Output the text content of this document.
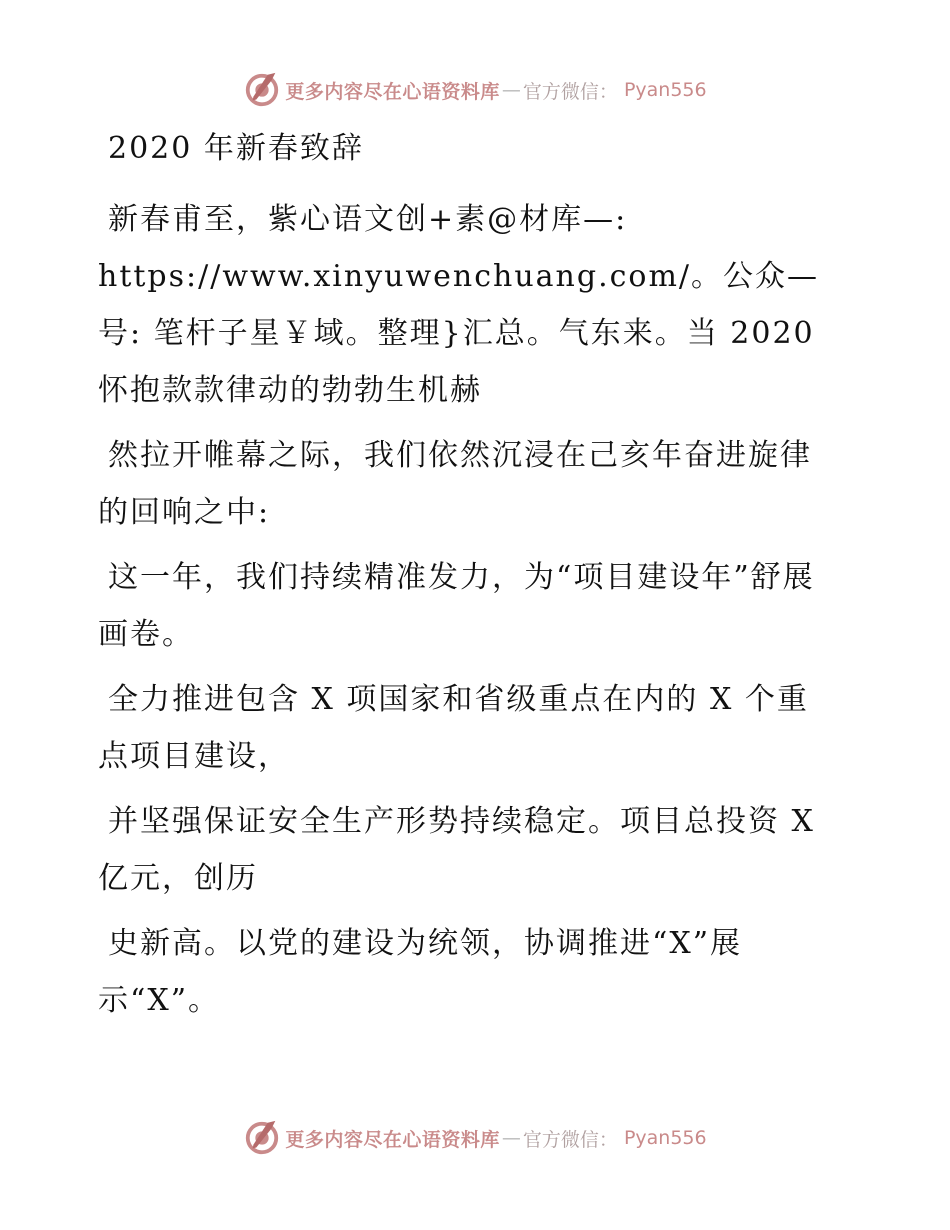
更多内容尽在心语资料库 — 官方微信： Pyan556

2020 年新春致辞

新春甫至，紫心语文创+素@材库—: https://www.xinyuwenchuang.com/。公众—号: 笔杆子星￥域。整理}汇总。气东来。当 2020 怀抱款款律动的勃勃生机赫

然拉开帷幕之际，我们依然沉浸在己亥年奋进旋律的回响之中:

这一年，我们持续精准发力，为“项目建设年”舒展画卷。

全力推进包含 X 项国家和省级重点在内的 X 个重点项目建设，

并坚强保证安全生产形势持续稳定。项目总投资 X 亿元，创历

史新高。以党的建设为统领，协调推进“X”展示“X”。

更多内容尽在心语资料库 — 官方微信： Pyan556
